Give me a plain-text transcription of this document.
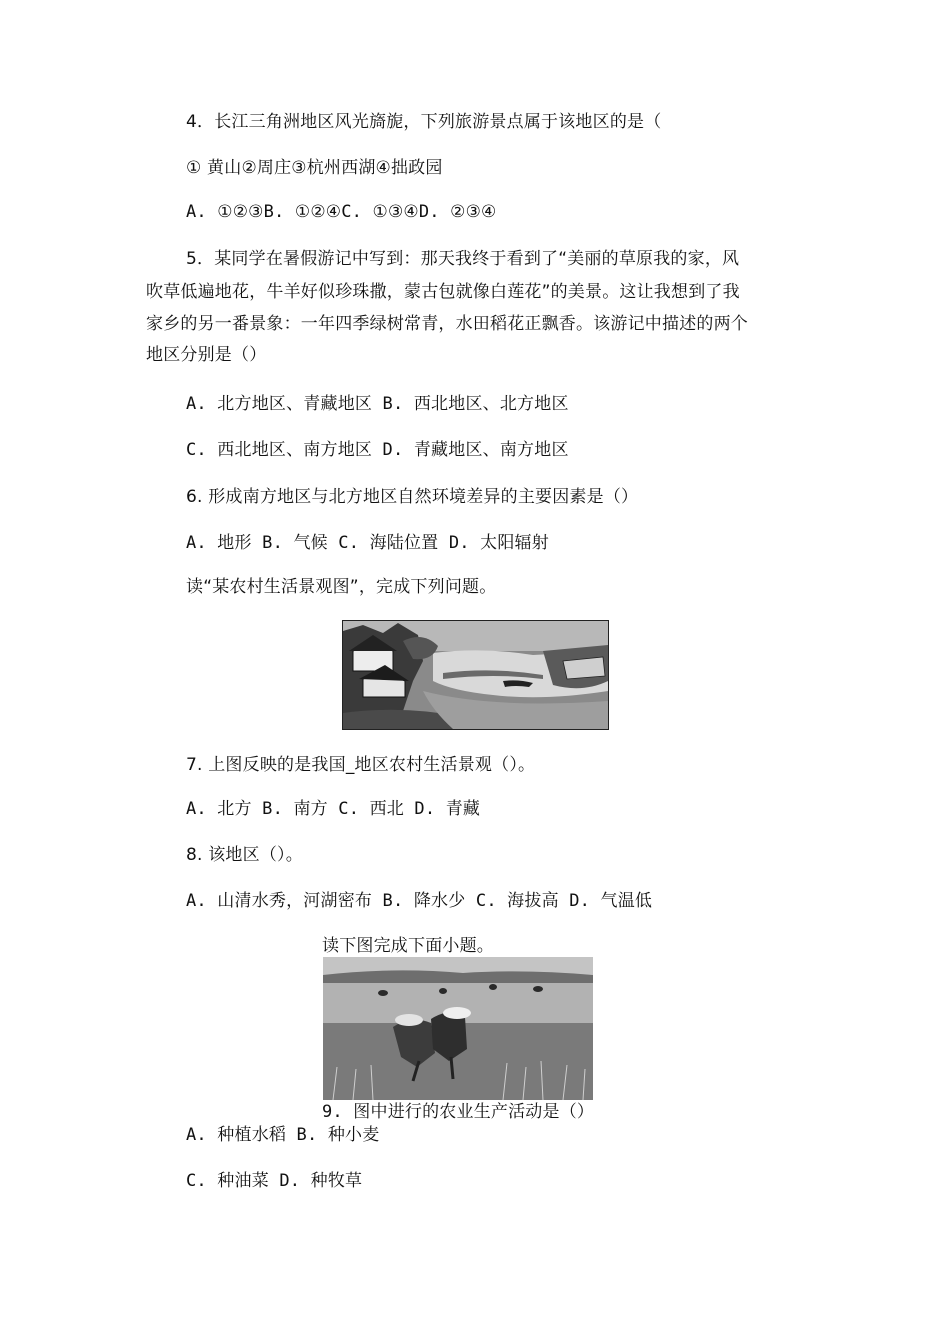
4．长江三角洲地区风光旖旎，下列旅游景点属于该地区的是（
① 黄山②周庄③杭州西湖④拙政园
A. ①②③B. ①②④C. ①③④D. ②③④
5．某同学在暑假游记中写到：那天我终于看到了“美丽的草原我的家，风
吹草低遍地花，牛羊好似珍珠撒，蒙古包就像白莲花”的美景。这让我想到了我
家乡的另一番景象：一年四季绿树常青，水田稻花正飘香。该游记中描述的两个
地区分别是（）
A. 北方地区、青藏地区 B. 西北地区、北方地区
C. 西北地区、南方地区 D. 青藏地区、南方地区
6. 形成南方地区与北方地区自然环境差异的主要因素是（）
A. 地形 B. 气候 C. 海陆位置 D. 太阳辐射
读“某农村生活景观图”，完成下列问题。
7. 上图反映的是我国_地区农村生活景观（）。
A. 北方 B. 南方 C. 西北 D. 青藏
8. 该地区（）。
A. 山清水秀，河湖密布 B. 降水少 C. 海拔高 D. 气温低
读下图完成下面小题。
9. 图中进行的农业生产活动是（）
A. 种植水稻 B. 种小麦
C. 种油菜 D. 种牧草
